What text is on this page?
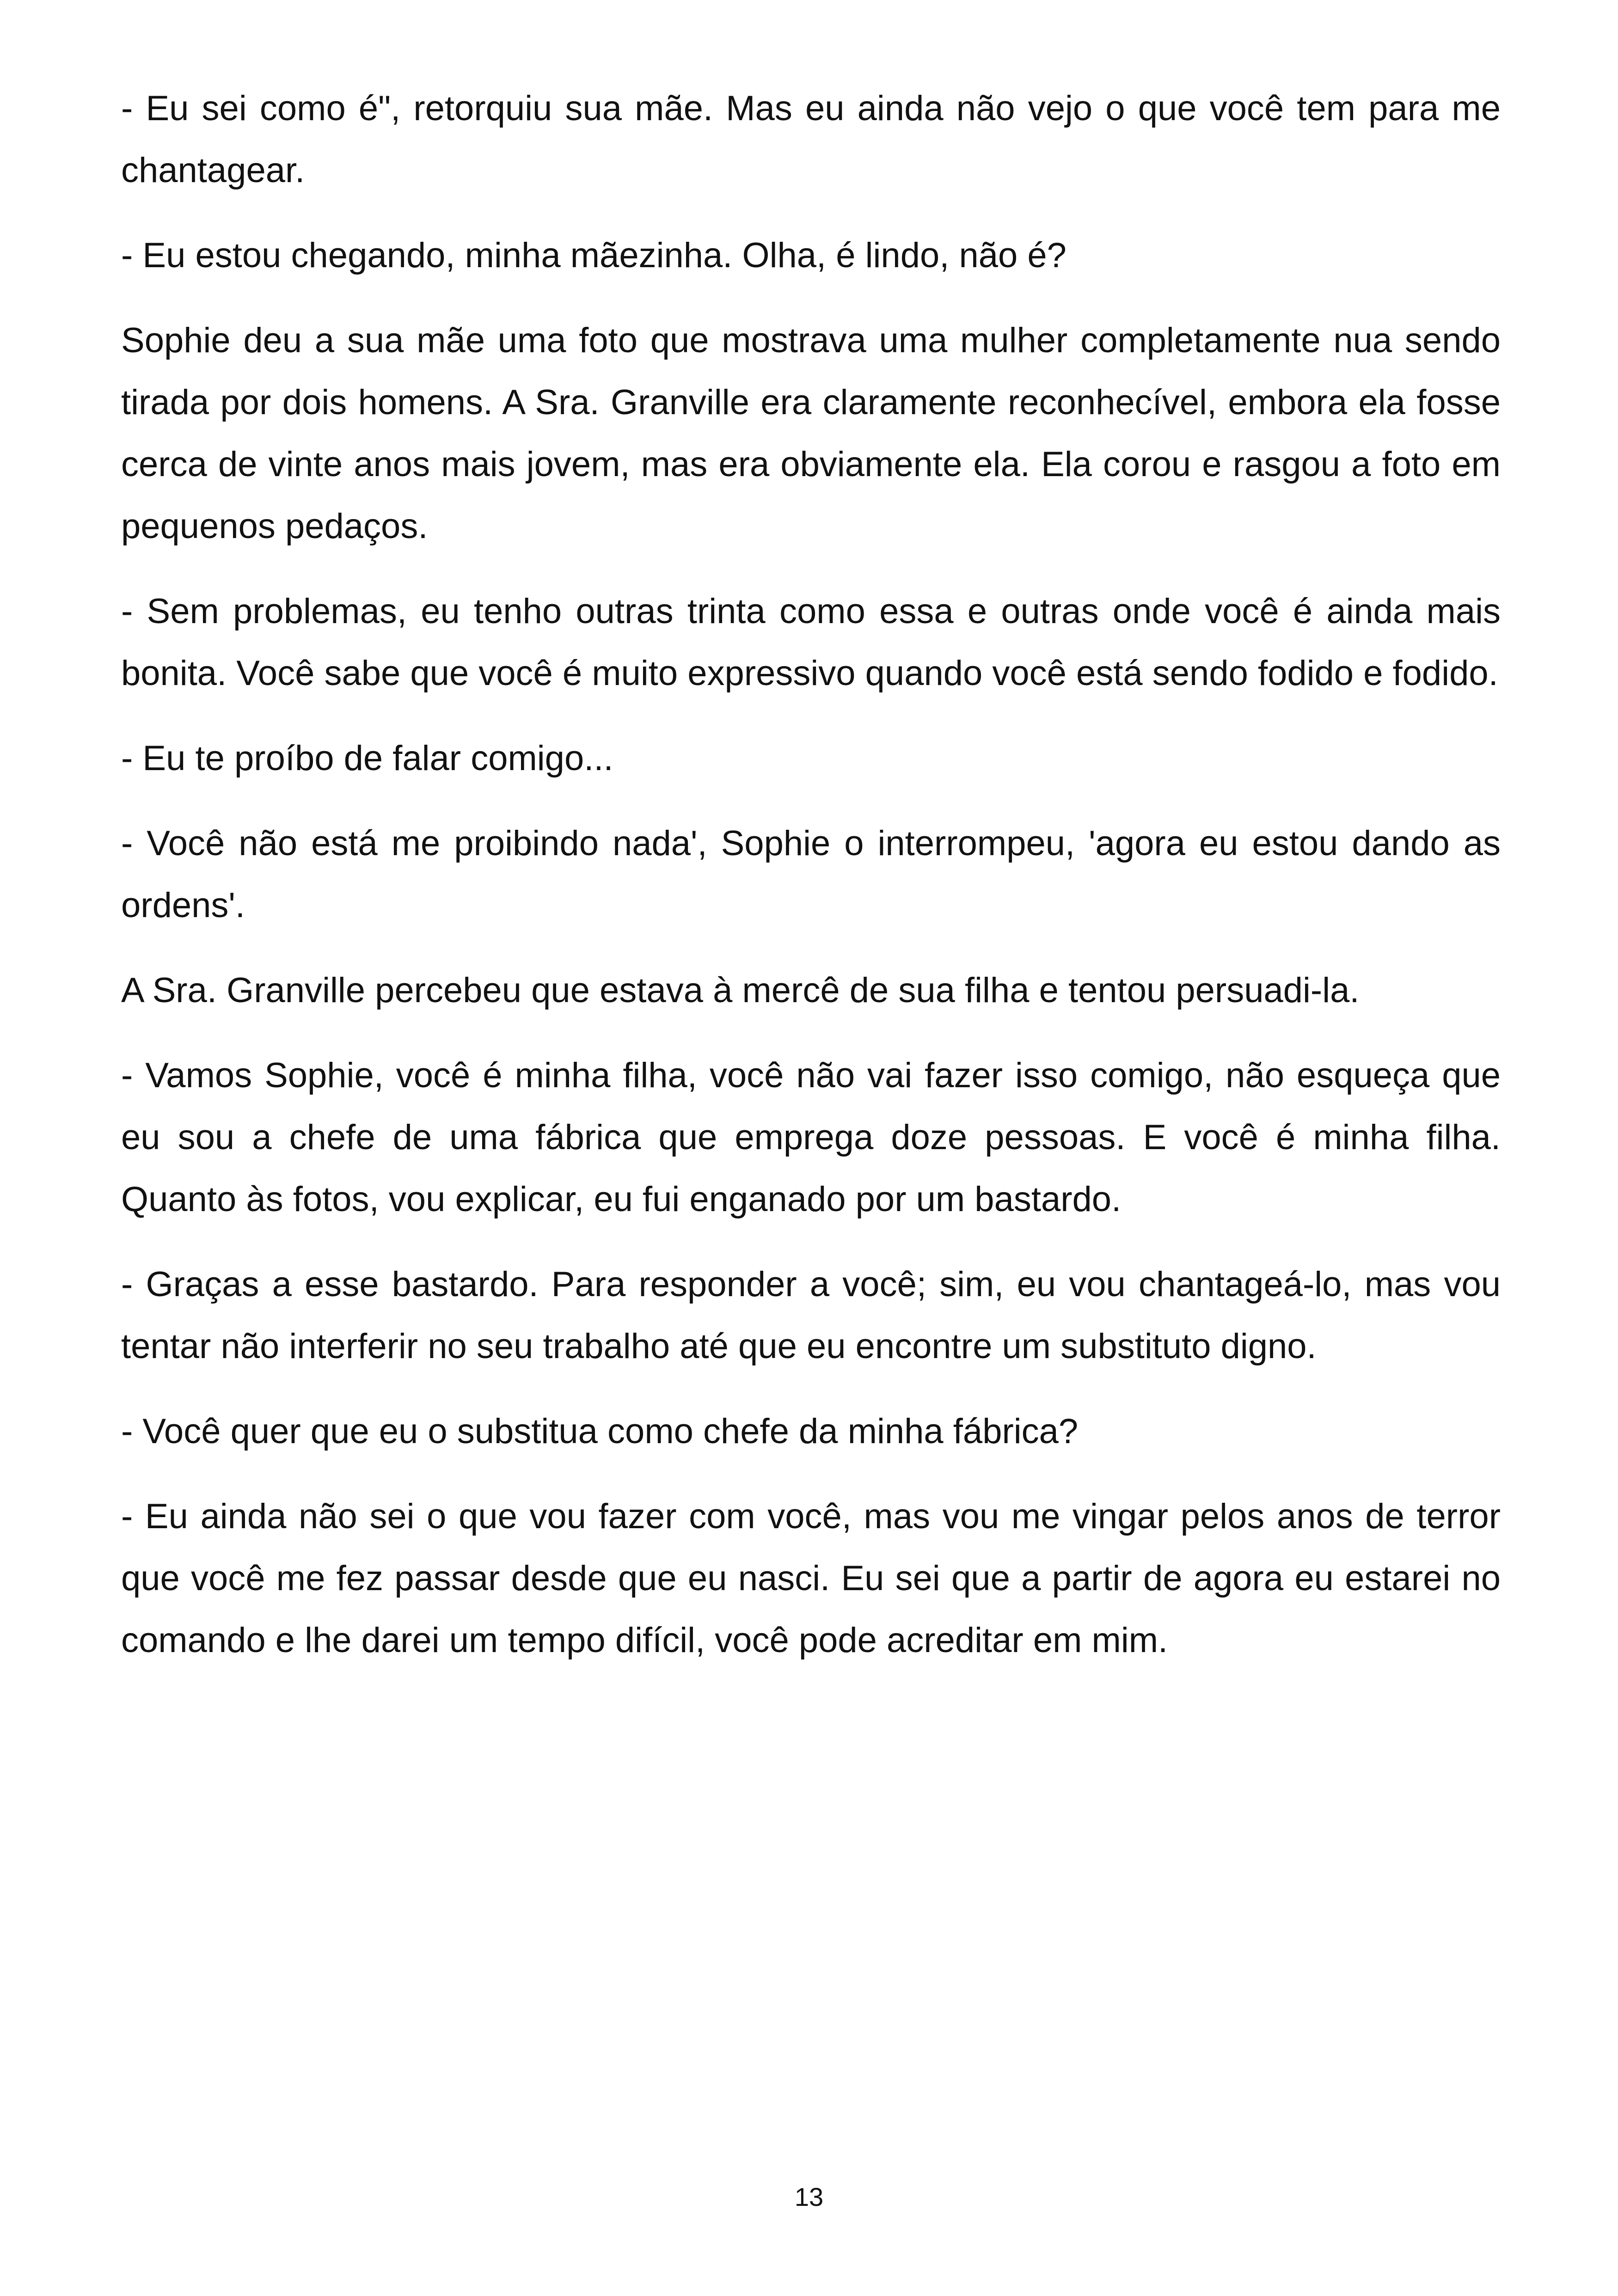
- Eu sei como é", retorquiu sua mãe. Mas eu ainda não vejo o que você tem para me chantagear.

- Eu estou chegando, minha mãezinha. Olha, é lindo, não é?

Sophie deu a sua mãe uma foto que mostrava uma mulher completamente nua sendo tirada por dois homens. A Sra. Granville era claramente reconhecível, embora ela fosse cerca de vinte anos mais jovem, mas era obviamente ela. Ela corou e rasgou a foto em pequenos pedaços.

- Sem problemas, eu tenho outras trinta como essa e outras onde você é ainda mais bonita. Você sabe que você é muito expressivo quando você está sendo fodido e fodido.

- Eu te proíbo de falar comigo...

- Você não está me proibindo nada', Sophie o interrompeu, 'agora eu estou dando as ordens'.

A Sra. Granville percebeu que estava à mercê de sua filha e tentou persuadi-la.

- Vamos Sophie, você é minha filha, você não vai fazer isso comigo, não esqueça que eu sou a chefe de uma fábrica que emprega doze pessoas. E você é minha filha. Quanto às fotos, vou explicar, eu fui enganado por um bastardo.

- Graças a esse bastardo. Para responder a você; sim, eu vou chantageá-lo, mas vou tentar não interferir no seu trabalho até que eu encontre um substituto digno.

- Você quer que eu o substitua como chefe da minha fábrica?

- Eu ainda não sei o que vou fazer com você, mas vou me vingar pelos anos de terror que você me fez passar desde que eu nasci. Eu sei que a partir de agora eu estarei no comando e lhe darei um tempo difícil, você pode acreditar em mim.

13
